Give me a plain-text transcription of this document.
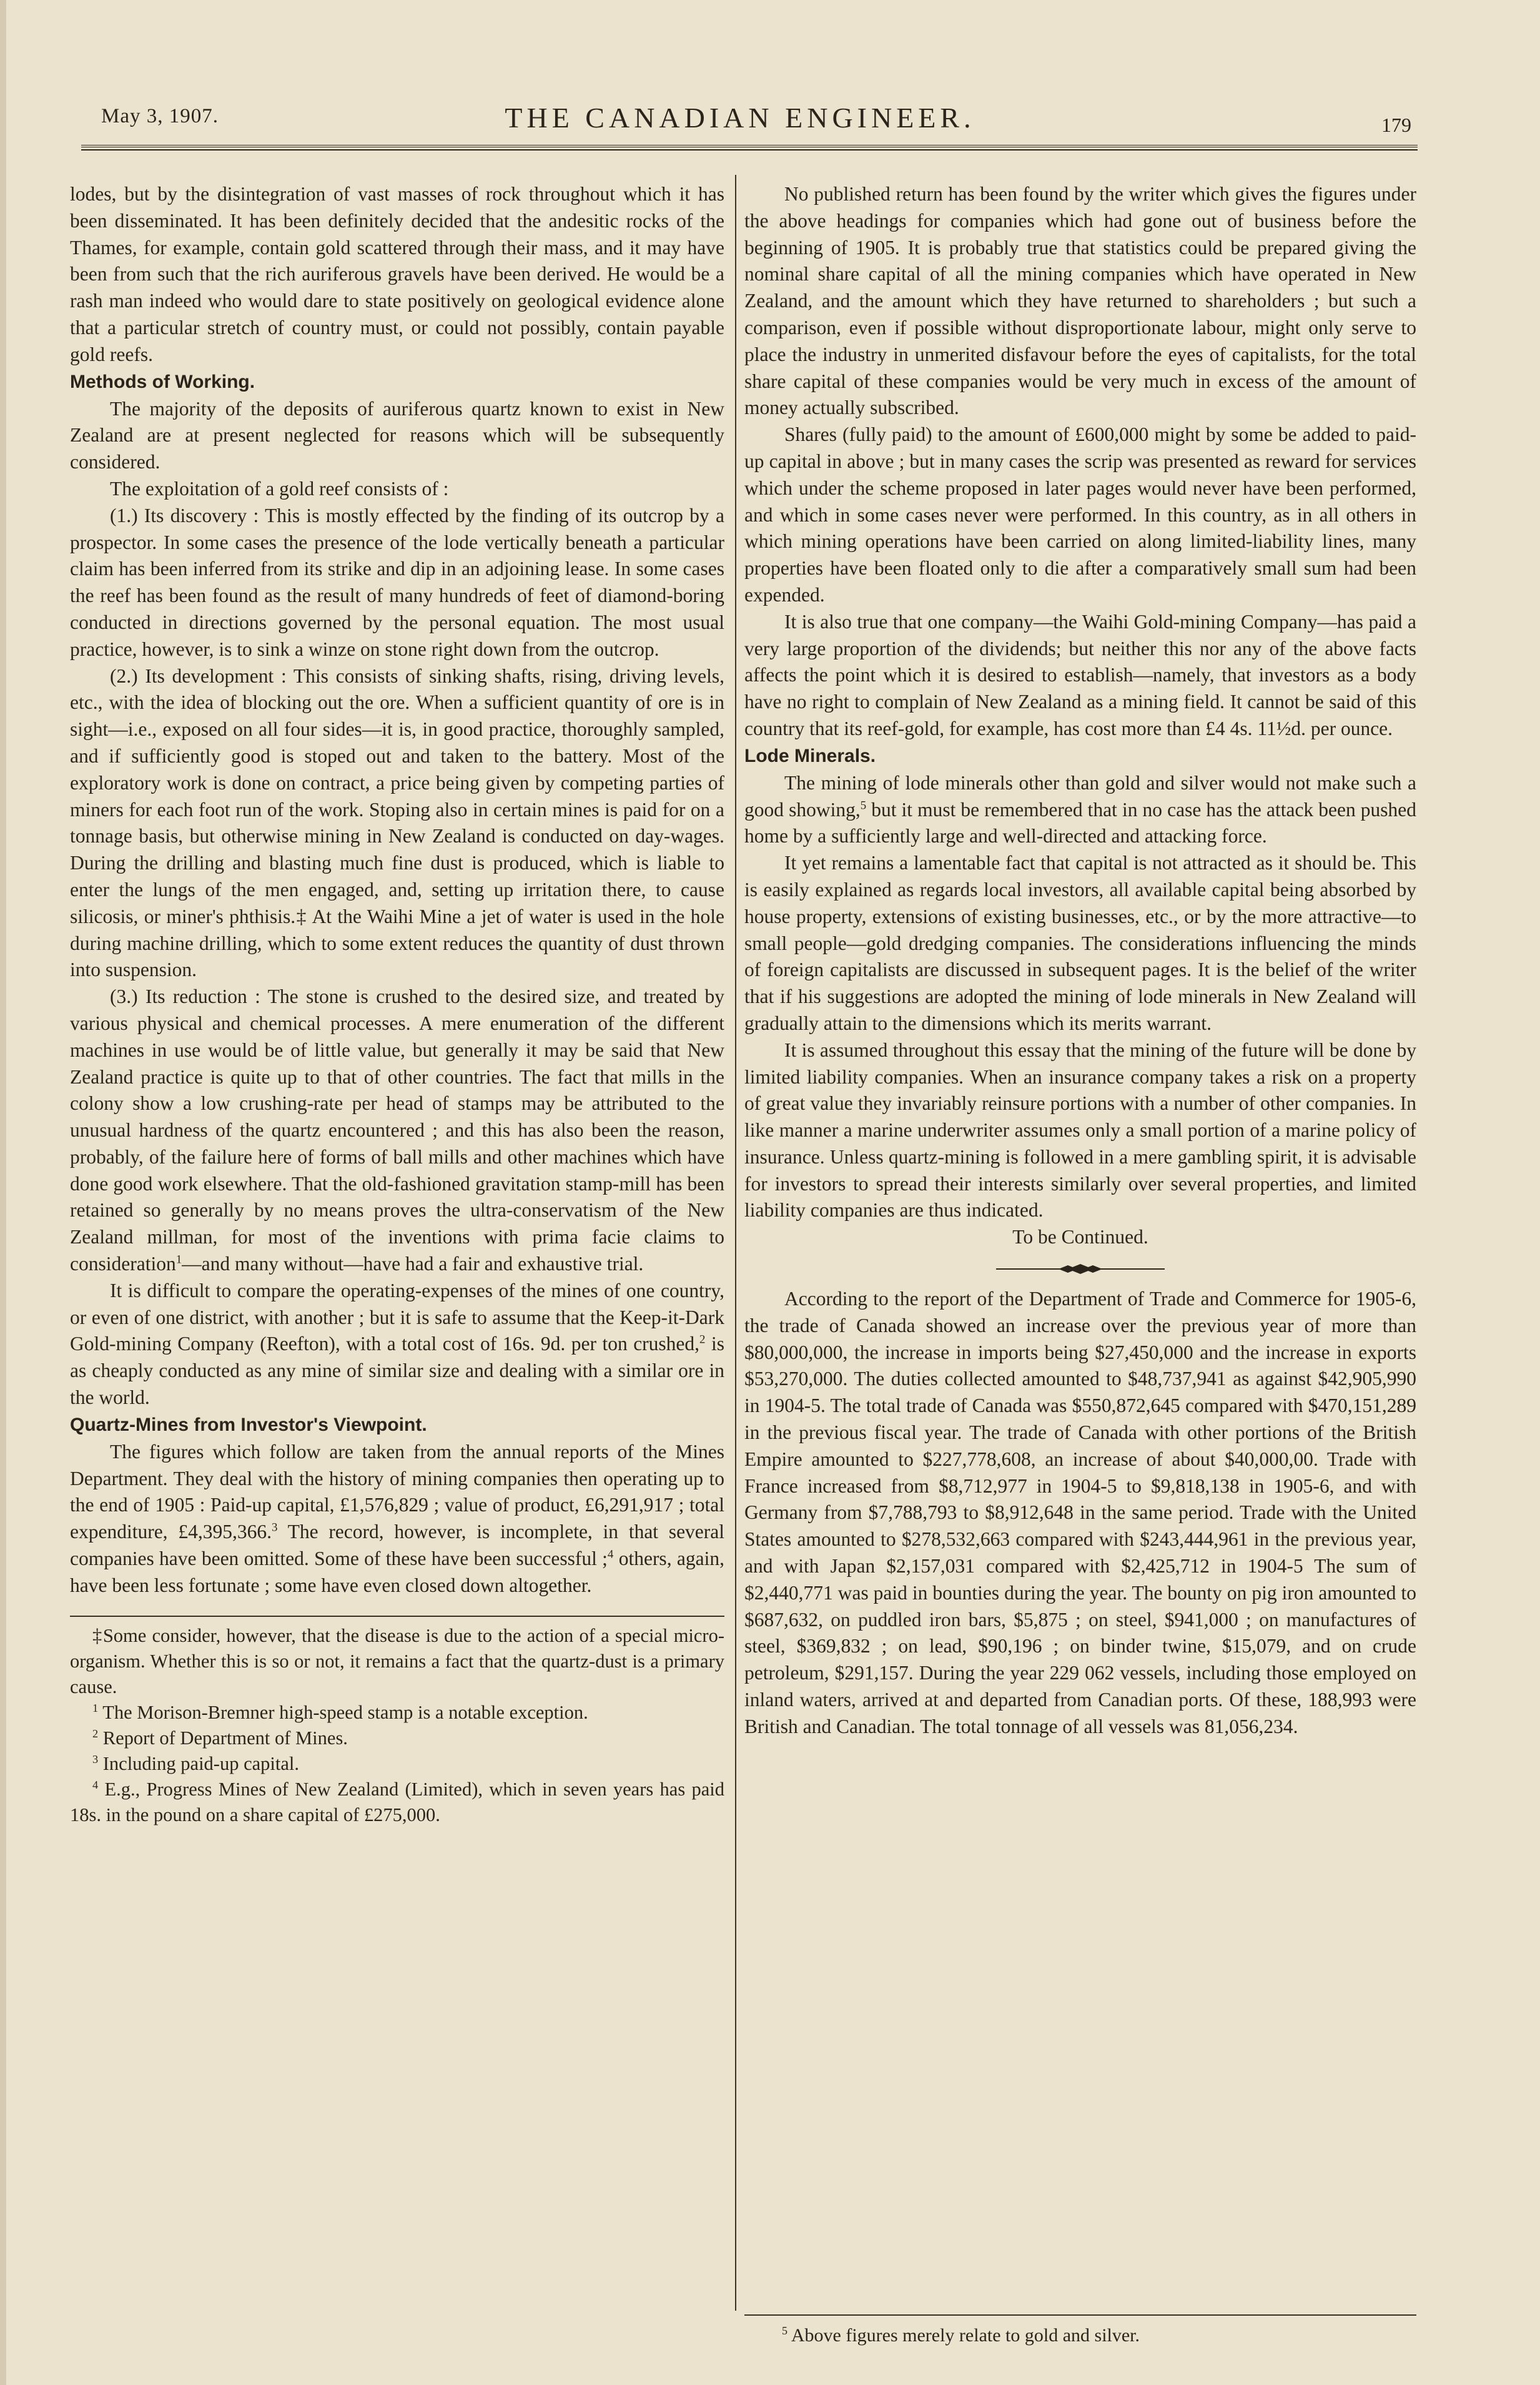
May 3, 1907.	THE CANADIAN ENGINEER.	179

lodes, but by the disintegration of vast masses of rock throughout which it has been disseminated. It has been definitely decided that the andesitic rocks of the Thames, for example, contain gold scattered through their mass, and it may have been from such that the rich auriferous gravels have been derived. He would be a rash man indeed who would dare to state positively on geological evidence alone that a particular stretch of country must, or could not possibly, contain payable gold reefs.

Methods of Working.

The majority of the deposits of auriferous quartz known to exist in New Zealand are at present neglected for reasons which will be subsequently considered.

The exploitation of a gold reef consists of :

(1.) Its discovery : This is mostly effected by the finding of its outcrop by a prospector. In some cases the presence of the lode vertically beneath a particular claim has been inferred from its strike and dip in an adjoining lease. In some cases the reef has been found as the result of many hundreds of feet of diamond-boring conducted in directions governed by the personal equation. The most usual practice, however, is to sink a winze on stone right down from the outcrop.

(2.) Its development : This consists of sinking shafts, rising, driving levels, etc., with the idea of blocking out the ore. When a sufficient quantity of ore is in sight—i.e., exposed on all four sides—it is, in good practice, thoroughly sampled, and if sufficiently good is stoped out and taken to the battery. Most of the exploratory work is done on contract, a price being given by competing parties of miners for each foot run of the work. Stoping also in certain mines is paid for on a tonnage basis, but otherwise mining in New Zealand is conducted on day-wages. During the drilling and blasting much fine dust is produced, which is liable to enter the lungs of the men engaged, and, setting up irritation there, to cause silicosis, or miner's phthisis.‡ At the Waihi Mine a jet of water is used in the hole during machine drilling, which to some extent reduces the quantity of dust thrown into suspension.

(3.) Its reduction : The stone is crushed to the desired size, and treated by various physical and chemical processes. A mere enumeration of the different machines in use would be of little value, but generally it may be said that New Zealand practice is quite up to that of other countries. The fact that mills in the colony show a low crushing-rate per head of stamps may be attributed to the unusual hardness of the quartz encountered ; and this has also been the reason, probably, of the failure here of forms of ball mills and other machines which have done good work elsewhere. That the old-fashioned gravitation stamp-mill has been retained so generally by no means proves the ultra-conservatism of the New Zealand millman, for most of the inventions with prima facie claims to consideration$^1$—and many without—have had a fair and exhaustive trial.

It is difficult to compare the operating-expenses of the mines of one country, or even of one district, with another ; but it is safe to assume that the Keep-it-Dark Gold-mining Company (Reefton), with a total cost of 16s. 9d. per ton crushed,$^2$ is as cheaply conducted as any mine of similar size and dealing with a similar ore in the world.

Quartz-Mines from Investor's Viewpoint.

The figures which follow are taken from the annual reports of the Mines Department. They deal with the history of mining companies then operating up to the end of 1905 : Paid-up capital, £1,576,829 ; value of product, £6,291,917 ; total expenditure, £4,395,366.$^3$ The record, however, is incomplete, in that several companies have been omitted. Some of these have been successful ;$^4$ others, again, have been less fortunate ; some have even closed down altogether.

‡Some consider, however, that the disease is due to the action of a special micro-organism. Whether this is so or not, it remains a fact that the quartz-dust is a primary cause.

$^1$ The Morison-Bremner high-speed stamp is a notable exception.

$^2$ Report of Department of Mines.

$^3$ Including paid-up capital.

$^4$ E.g., Progress Mines of New Zealand (Limited), which in seven years has paid 18s. in the pound on a share capital of £275,000.

No published return has been found by the writer which gives the figures under the above headings for companies which had gone out of business before the beginning of 1905. It is probably true that statistics could be prepared giving the nominal share capital of all the mining companies which have operated in New Zealand, and the amount which they have returned to shareholders ; but such a comparison, even if possible without disproportionate labour, might only serve to place the industry in unmerited disfavour before the eyes of capitalists, for the total share capital of these companies would be very much in excess of the amount of money actually subscribed.

Shares (fully paid) to the amount of £600,000 might by some be added to paid-up capital in above ; but in many cases the scrip was presented as reward for services which under the scheme proposed in later pages would never have been performed, and which in some cases never were performed. In this country, as in all others in which mining operations have been carried on along limited-liability lines, many properties have been floated only to die after a comparatively small sum had been expended.

It is also true that one company—the Waihi Gold-mining Company—has paid a very large proportion of the dividends; but neither this nor any of the above facts affects the point which it is desired to establish—namely, that investors as a body have no right to complain of New Zealand as a mining field. It cannot be said of this country that its reef-gold, for example, has cost more than £4 4s. 11½d. per ounce.

Lode Minerals.

The mining of lode minerals other than gold and silver would not make such a good showing,$^5$ but it must be remembered that in no case has the attack been pushed home by a sufficiently large and well-directed and attacking force.

It yet remains a lamentable fact that capital is not attracted as it should be. This is easily explained as regards local investors, all available capital being absorbed by house property, extensions of existing businesses, etc., or by the more attractive—to small people—gold dredging companies. The considerations influencing the minds of foreign capitalists are discussed in subsequent pages. It is the belief of the writer that if his suggestions are adopted the mining of lode minerals in New Zealand will gradually attain to the dimensions which its merits warrant.

It is assumed throughout this essay that the mining of the future will be done by limited liability companies. When an insurance company takes a risk on a property of great value they invariably reinsure portions with a number of other companies. In like manner a marine underwriter assumes only a small portion of a marine policy of insurance. Unless quartz-mining is followed in a mere gambling spirit, it is advisable for investors to spread their interests similarly over several properties, and limited liability companies are thus indicated.

To be Continued.

According to the report of the Department of Trade and Commerce for 1905-6, the trade of Canada showed an increase over the previous year of more than $80,000,000, the increase in imports being $27,450,000 and the increase in exports $53,270,000. The duties collected amounted to $48,737,941 as against $42,905,990 in 1904-5. The total trade of Canada was $550,872,645 compared with $470,151,289 in the previous fiscal year. The trade of Canada with other portions of the British Empire amounted to $227,778,608, an increase of about $40,000,00. Trade with France increased from $8,712,977 in 1904-5 to $9,818,138 in 1905-6, and with Germany from $7,788,793 to $8,912,648 in the same period. Trade with the United States amounted to $278,532,663 compared with $243,444,961 in the previous year, and with Japan $2,157,031 compared with $2,425,712 in 1904-5 The sum of $2,440,771 was paid in bounties during the year. The bounty on pig iron amounted to $687,632, on puddled iron bars, $5,875 ; on steel, $941,000 ; on manufactures of steel, $369,832 ; on lead, $90,196 ; on binder twine, $15,079, and on crude petroleum, $291,157. During the year 229 062 vessels, including those employed on inland waters, arrived at and departed from Canadian ports. Of these, 188,993 were British and Canadian. The total tonnage of all vessels was 81,056,234.

$^5$ Above figures merely relate to gold and silver.
